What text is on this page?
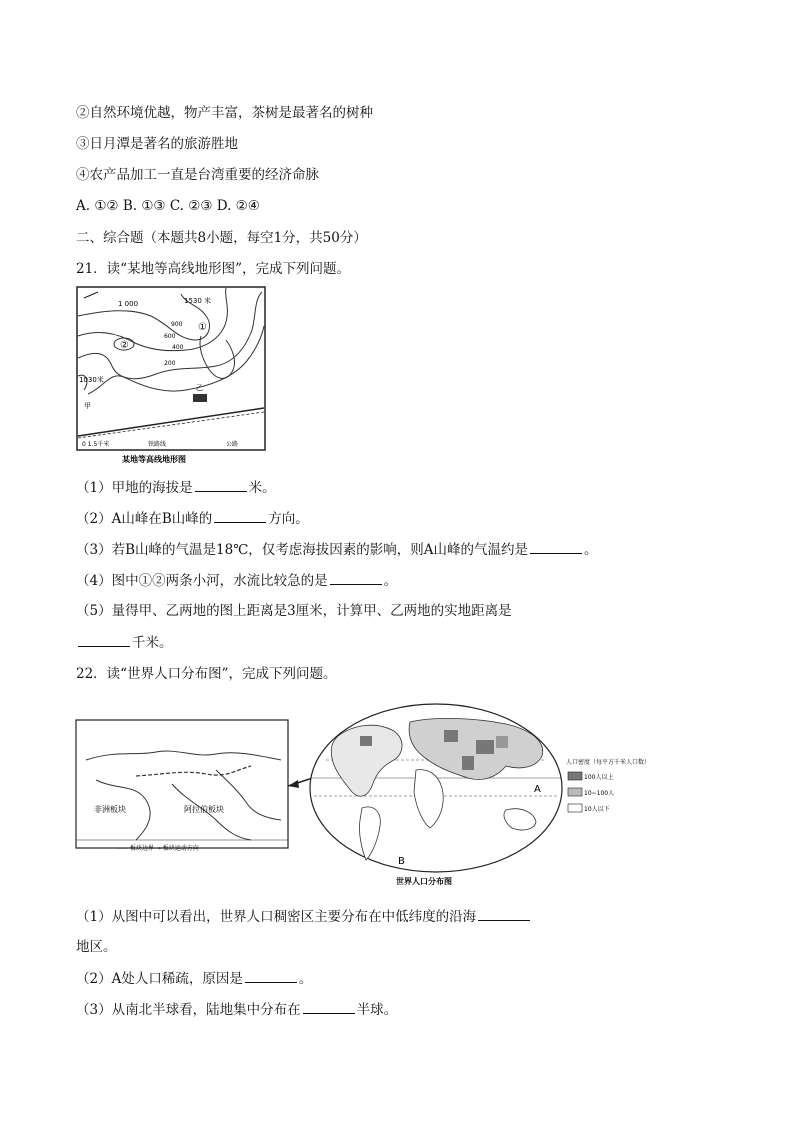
②自然环境优越，物产丰富，茶树是最著名的树种
③日月潭是著名的旅游胜地
④农产品加工一直是台湾重要的经济命脉
A. ①② B. ①③ C. ②③ D. ②④
二、综合题（本题共8小题，每空1分，共50分）
21．读“某地等高线地形图”，完成下列问题。
1 000	1530 米
900
600
400
200
1030米
①
②
甲
乙
0 1.5千米	铁路线	公路
某地等高线地形图
（1）甲地的海拔是	米。
（2）A山峰在B山峰的	方向。
（3）若B山峰的气温是18℃，仅考虑海拔因素的影响，则A山峰的气温约是	。
（4）图中①②两条小河，水流比较急的是	。
（5）量得甲、乙两地的图上距离是3厘米，计算甲、乙两地的实地距离是
千米。
22．读“世界人口分布图”，完成下列问题。
非洲板块	阿拉伯板块
—— 板块边界 → 板块运动方向
A
B
世界人口分布图
人口密度（每平方千米人口数）
100人以上
10~100人
10人以下
（1）从图中可以看出，世界人口稠密区主要分布在中低纬度的沿海
地区。
（2）A处人口稀疏，原因是	。
（3）从南北半球看，陆地集中分布在	半球。
